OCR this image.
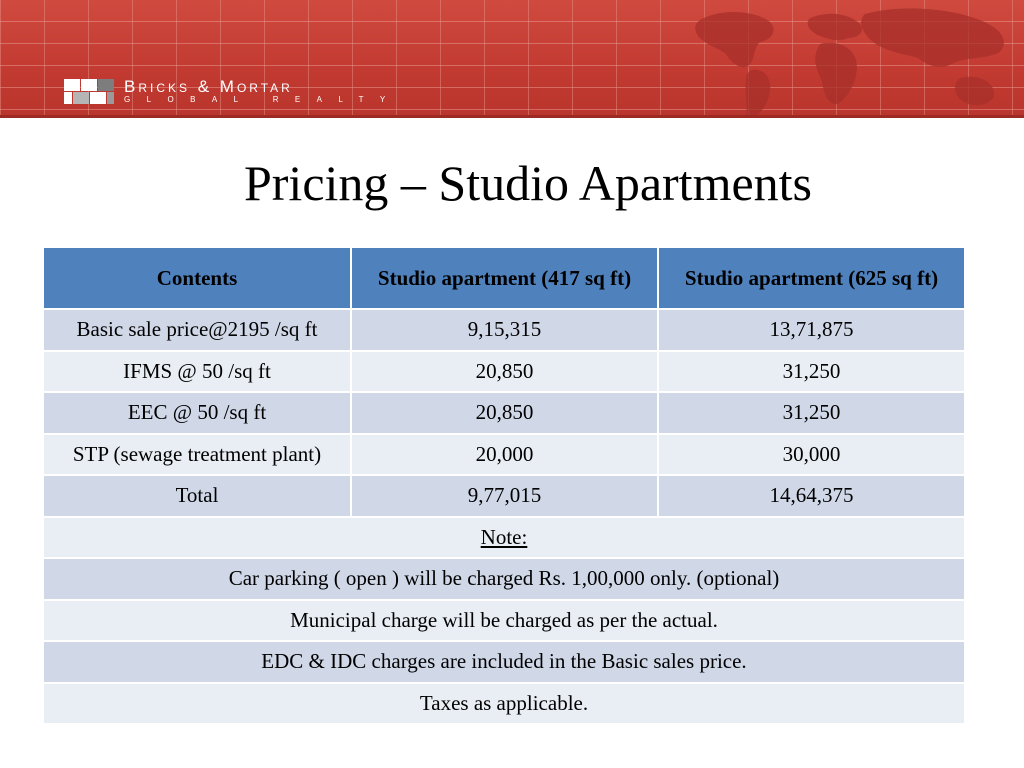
Bricks & Mortar
GLOBAL REALTY
Pricing – Studio Apartments
Contents	Studio apartment (417 sq ft)	Studio apartment (625 sq ft)
Basic sale price@2195 /sq ft	9,15,315	13,71,875
IFMS @ 50 /sq ft	20,850	31,250
EEC @ 50 /sq ft	20,850	31,250
STP (sewage treatment plant)	20,000	30,000
Total	9,77,015	14,64,375
Note:		
Car parking ( open ) will be charged Rs. 1,00,000 only. (optional)		
Municipal charge will be charged as per the actual.		
EDC & IDC charges are included in the Basic sales price.		
Taxes as applicable.		
